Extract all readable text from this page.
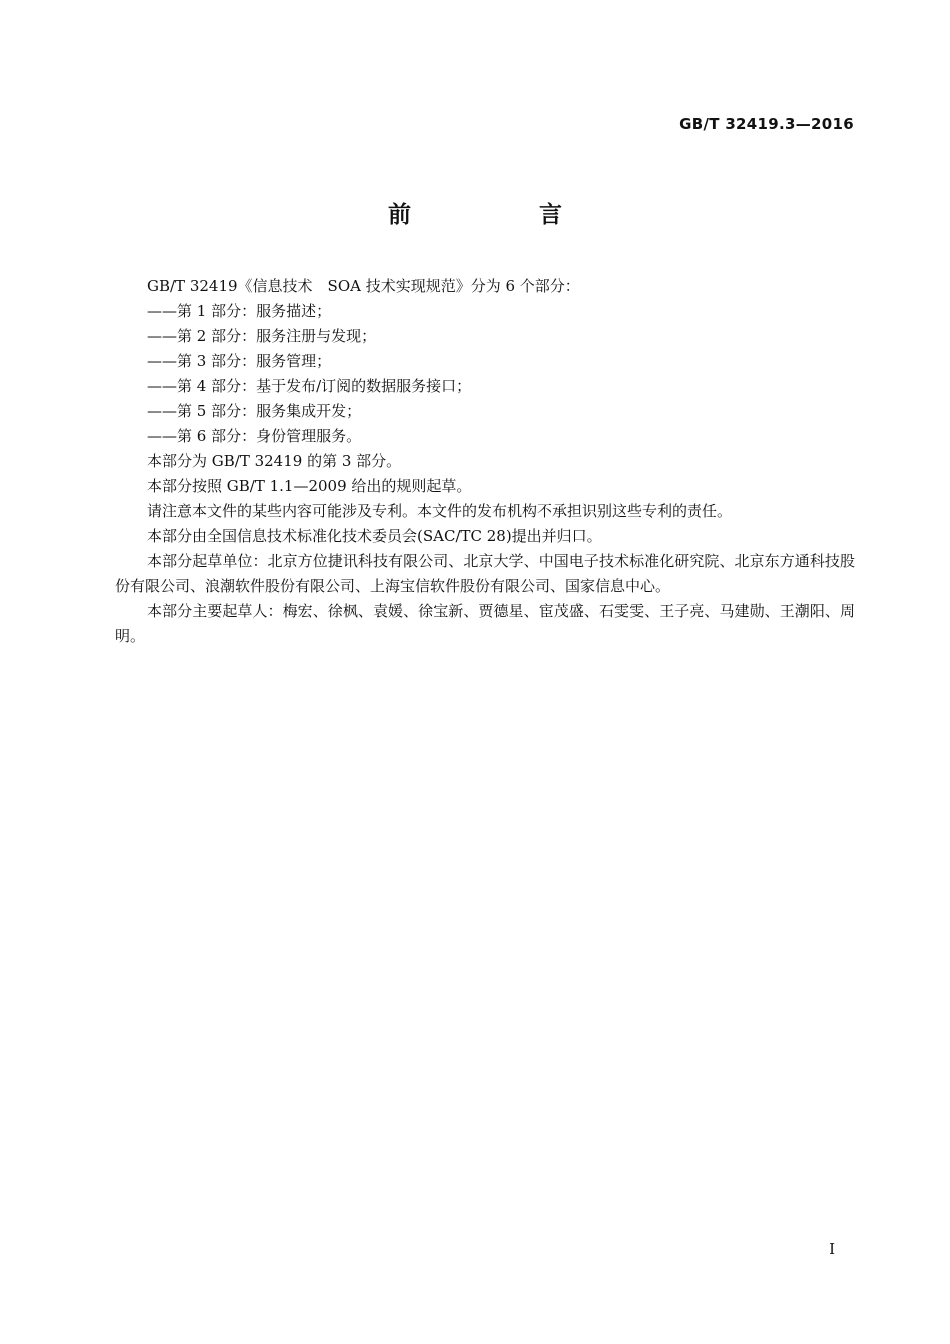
GB/T 32419.3—2016
前 言

GB/T 32419《信息技术　SOA 技术实现规范》分为 6 个部分：

——第 1 部分：服务描述；

——第 2 部分：服务注册与发现；

——第 3 部分：服务管理；

——第 4 部分：基于发布/订阅的数据服务接口；

——第 5 部分：服务集成开发；

——第 6 部分：身份管理服务。

本部分为 GB/T 32419 的第 3 部分。

本部分按照 GB/T 1.1—2009 给出的规则起草。

请注意本文件的某些内容可能涉及专利。本文件的发布机构不承担识别这些专利的责任。

本部分由全国信息技术标准化技术委员会(SAC/TC 28)提出并归口。

本部分起草单位：北京方位捷讯科技有限公司、北京大学、中国电子技术标准化研究院、北京东方通科技股份有限公司、浪潮软件股份有限公司、上海宝信软件股份有限公司、国家信息中心。

本部分主要起草人：梅宏、徐枫、袁媛、徐宝新、贾德星、宦茂盛、石雯雯、王子亮、马建勋、王潮阳、周明。

I
